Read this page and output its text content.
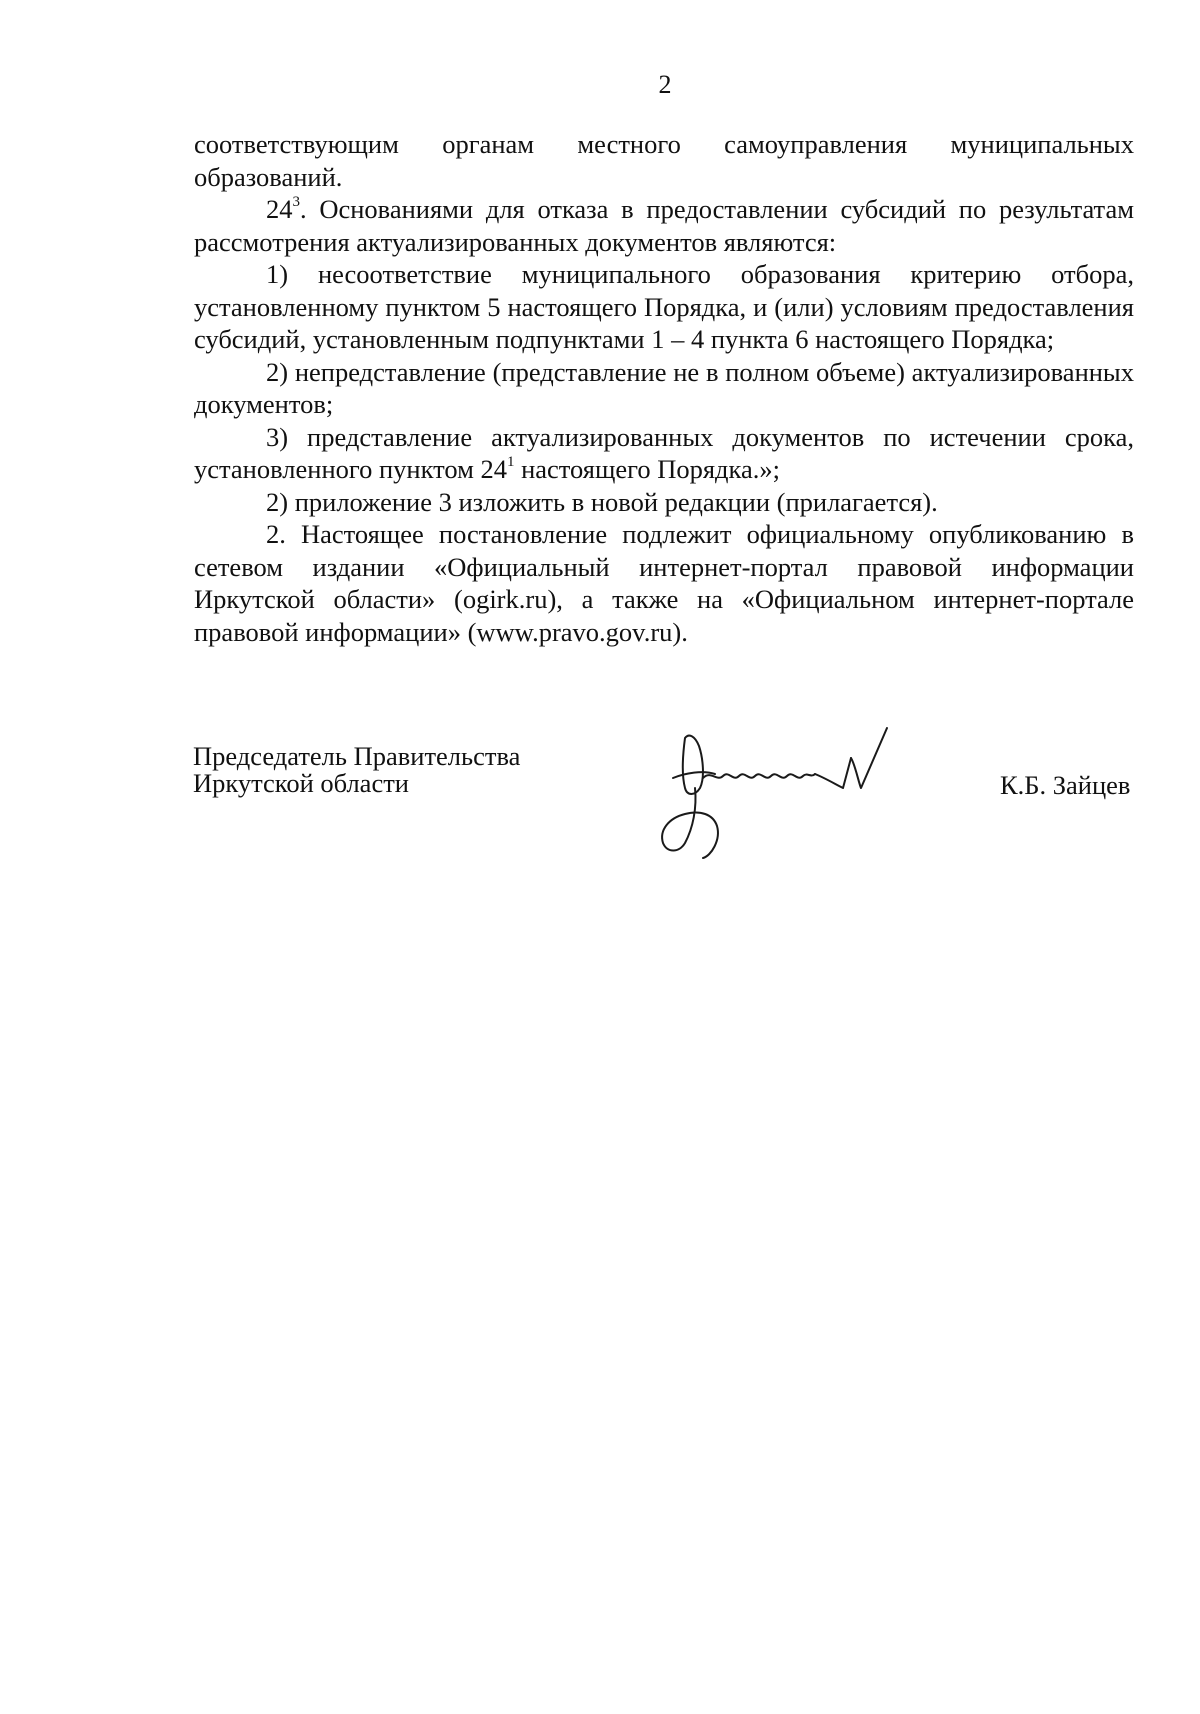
2

соответствующим органам местного самоуправления муниципальных образований.

$24^3$. Основаниями для отказа в предоставлении субсидий по результатам рассмотрения актуализированных документов являются:

1) несоответствие муниципального образования критерию отбора, установленному пунктом 5 настоящего Порядка, и (или) условиям предоставления субсидий, установленным подпунктами 1 – 4 пункта 6 настоящего Порядка;

2) непредставление (представление не в полном объеме) актуализированных документов;

3) представление актуализированных документов по истечении срока, установленного пунктом $24^1$ настоящего Порядка.»;

2) приложение 3 изложить в новой редакции (прилагается).

2. Настоящее постановление подлежит официальному опубликованию в сетевом издании «Официальный интернет-портал правовой информации Иркутской области» (ogirk.ru), а также на «Официальном интернет-портале правовой информации» (www.pravo.gov.ru).

Председатель Правительства
Иркутской области	К.Б. Зайцев
